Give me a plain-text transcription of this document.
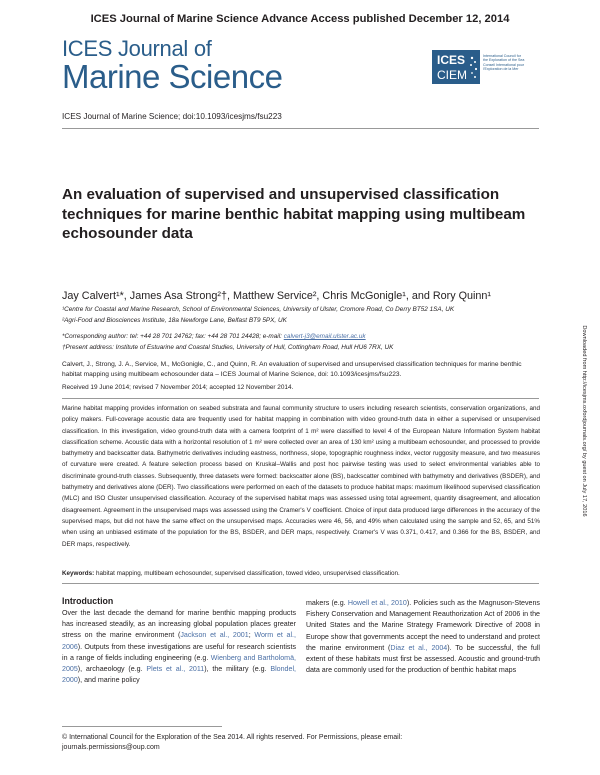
ICES Journal of Marine Science Advance Access published December 12, 2014
ICES Journal of
Marine Science	ICES
CIEM
International Council for
the Exploration of the Sea
Conseil International pour
l'Exploration de la Mer
ICES Journal of Marine Science; doi:10.1093/icesjms/fsu223
An evaluation of supervised and unsupervised classification techniques for marine benthic habitat mapping using multibeam echosounder data
Jay Calvert¹*, James Asa Strong²†, Matthew Service², Chris McGonigle¹, and Rory Quinn¹
¹Centre for Coastal and Marine Research, School of Environmental Sciences, University of Ulster, Cromore Road, Co Derry BT52 1SA, UK
²Agri-Food and Biosciences Institute, 18a Newforge Lane, Belfast BT9 5PX, UK
*Corresponding author: tel: +44 28 701 24762; fax: +44 28 701 24428; e-mail: calvert-j3@email.ulster.ac.uk
†Present address: Institute of Estuarine and Coastal Studies, University of Hull, Cottingham Road, Hull HU6 7RX, UK
Calvert, J., Strong, J. A., Service, M., McGonigle, C., and Quinn, R. An evaluation of supervised and unsupervised classification techniques for marine benthic habitat mapping using multibeam echosounder data – ICES Journal of Marine Science, doi: 10.1093/icesjms/fsu223.
Received 19 June 2014; revised 7 November 2014; accepted 12 November 2014.
Marine habitat mapping provides information on seabed substrata and faunal community structure to users including research scientists, conservation organizations, and policy makers. Full-coverage acoustic data are frequently used for habitat mapping in combination with video ground-truth data in either a supervised or unsupervised classification. In this investigation, video ground-truth data with a camera footprint of 1 m² were classified to level 4 of the European Nature Information System habitat classification scheme. Acoustic data with a horizontal resolution of 1 m² were collected over an area of 130 km² using a multibeam echosounder, and processed to provide bathymetry and backscatter data. Bathymetric derivatives including eastness, northness, slope, topographic roughness index, vector ruggosity measure, and two measures of curvature were created. A feature selection process based on Kruskal–Wallis and post hoc pairwise testing was used to select environmental variables able to discriminate ground-truth classes. Subsequently, three datasets were formed: backscatter alone (BS), backscatter combined with bathymetry and derivatives (BSDER), and bathymetry and derivatives alone (DER). Two classifications were performed on each of the datasets to produce habitat maps: maximum likelihood supervised classification (MLC) and ISO Cluster unsupervised classification. Accuracy of the supervised habitat maps was assessed using total agreement, quantity disagreement, and allocation disagreement. Agreement in the unsupervised maps was assessed using the Cramer's V coefficient. Choice of input data produced large differences in the accuracy of the supervised maps, but did not have the same effect on the unsupervised maps. Accuracies were 46, 56, and 49% when calculated using the sample and 52, 65, and 51% when using an unbiased estimate of the population for the BS, BSDER, and DER maps, respectively. Cramer's V was 0.371, 0.417, and 0.366 for the BS, BSDER, and DER maps, respectively.
Keywords: habitat mapping, multibeam echosounder, supervised classification, towed video, unsupervised classification.
Introduction
Over the last decade the demand for marine benthic mapping products has increased steadily, as an increasing global population places greater stress on the marine environment (Jackson et al., 2001; Worm et al., 2006). Outputs from these investigations are useful for research scientists in a range of fields including engineering (e.g. Wienberg and Bartholomä, 2005), archaeology (e.g. Plets et al., 2011), the military (e.g. Blondel, 2000), and marine policy
makers (e.g. Howell et al., 2010). Policies such as the Magnuson-Stevens Fishery Conservation and Management Reauthorization Act of 2006 in the United States and the Marine Strategy Framework Directive of 2008 in Europe show that governments accept the need to understand and protect the marine environment (Diaz et al., 2004). To be successful, the full extent of these habitats must first be assessed. Acoustic and ground-truth data are commonly used for the production of benthic habitat maps
© International Council for the Exploration of the Sea 2014. All rights reserved. For Permissions, please email: journals.permissions@oup.com
Downloaded from http://icesjms.oxfordjournals.org/ by guest on July 17, 2016
